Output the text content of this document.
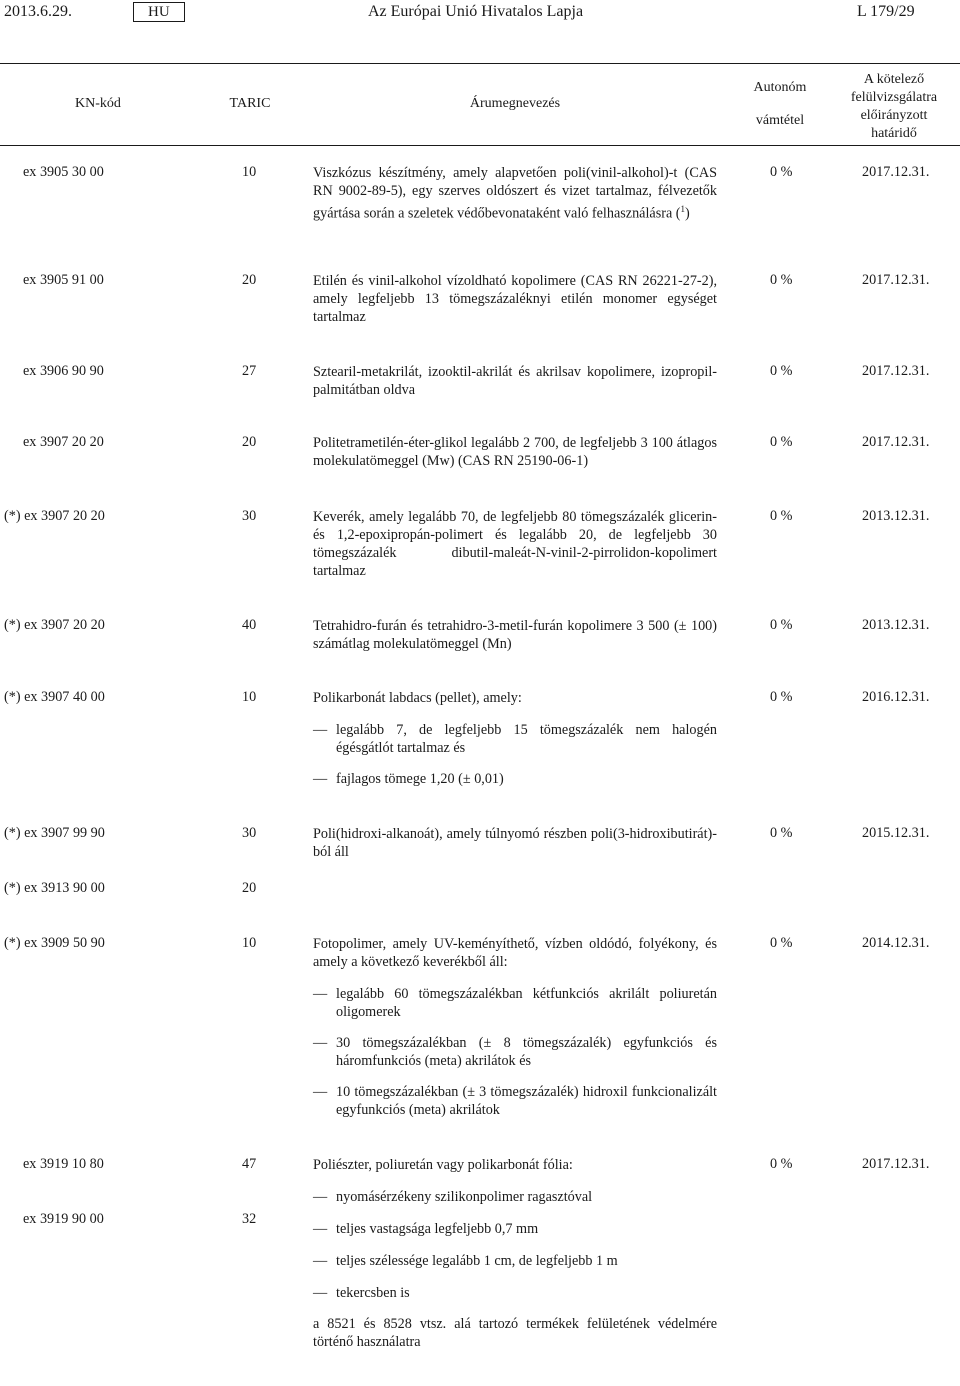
2013.6.29.	HU	Az Európai Unió Hivatalos Lapja	L 179/29
KN-kód	TARIC	Árumegnevezés
Autonóm
vámtétel
A kötelező
felülvizsgálatra
előirányzott
határidő
ex 3905 30 00	10	Viszkózus készítmény, amely alapvetően poli(vinil-alkohol)-t (CAS RN 9002-89-5), egy szerves oldószert és vizet tartalmaz, félvezetők gyártása során a szeletek védőbevonataként való felhasználásra ($^1$)
0 %	2017.12.31.
ex 3905 91 00	20	Etilén és vinil-alkohol vízoldható kopolimere (CAS RN 26221-27-2), amely legfeljebb 13 tömegszázaléknyi etilén monomer egységet tartalmaz
0 %	2017.12.31.
ex 3906 90 90	27	Sztearil-metakrilát, izooktil-akrilát és akrilsav kopolimere, izopropil-palmitátban oldva
0 %	2017.12.31.
ex 3907 20 20	20	Politetrametilén-éter-glikol legalább 2 700, de legfeljebb 3 100 átlagos molekulatömeggel (Mw) (CAS RN 25190-06-1)
0 %	2017.12.31.
(*) ex 3907 20 20	30	Keverék, amely legalább 70, de legfeljebb 80 tömegszázalék glicerin- és 1,2-epoxipropán-polimert és legalább 20, de legfeljebb 30 tömegszázalék dibutil-maleát-N-vinil-2-pirrolidon-kopolimert tartalmaz
0 %	2013.12.31.
(*) ex 3907 20 20	40	Tetrahidro-furán és tetrahidro-3-metil-furán kopolimere 3 500 (± 100) számátlag molekulatömeggel (Mn)
0 %	2013.12.31.
(*) ex 3907 40 00	10	Polikarbonát labdacs (pellet), amely:
— legalább 7, de legfeljebb 15 tömegszázalék nem halogén égésgátlót tartalmaz és
— fajlagos tömege 1,20 (± 0,01)
0 %	2016.12.31.
(*) ex 3907 99 90	30	Poli(hidroxi-alkanoát), amely túlnyomó részben poli(3-hidroxibutirát)-ból áll
0 %	2015.12.31.
(*) ex 3913 90 00	20
(*) ex 3909 50 90	10	Fotopolimer, amely UV-keményíthető, vízben oldódó, folyékony, és amely a következő keverékből áll:
— legalább 60 tömegszázalékban kétfunkciós akrilált poliuretán oligomerek
— 30 tömegszázalékban (± 8 tömegszázalék) egyfunkciós és háromfunkciós (meta) akrilátok és
— 10 tömegszázalékban (± 3 tömegszázalék) hidroxil funkcionalizált egyfunkciós (meta) akrilátok
0 %	2014.12.31.
ex 3919 10 80	47
ex 3919 90 00	32
Poliészter, poliuretán vagy polikarbonát fólia:
— nyomásérzékeny szilikonpolimer ragasztóval
— teljes vastagsága legfeljebb 0,7 mm
— teljes szélessége legalább 1 cm, de legfeljebb 1 m
— tekercsben is
a 8521 és 8528 vtsz. alá tartozó termékek felületének védelmére történő használatra
0 %	2017.12.31.
